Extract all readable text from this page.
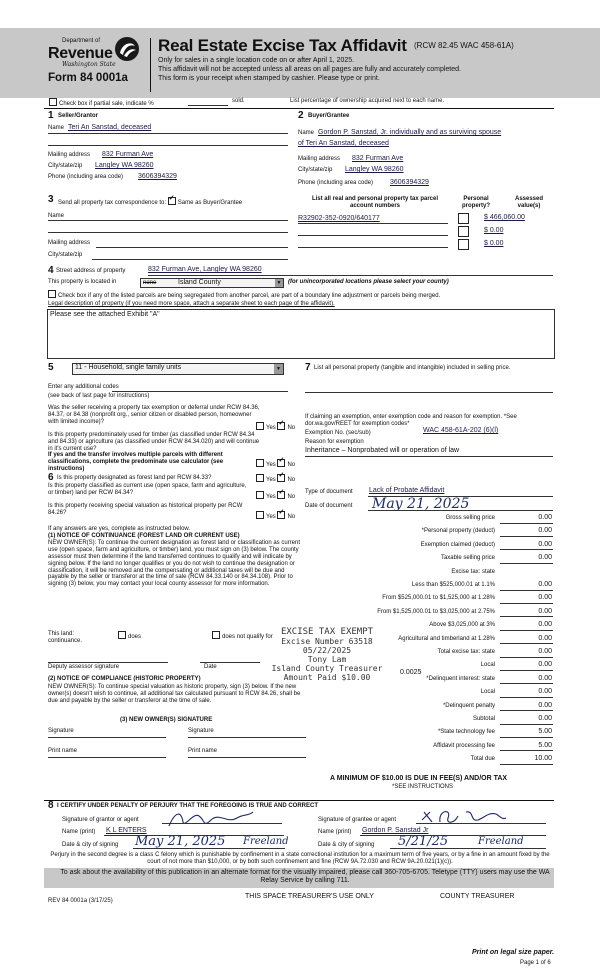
Department of
Revenue
Washington State
Form 84 0001a
Real Estate Excise Tax Affidavit (RCW 82.45 WAC 458-61A)
Only for sales in a single location code on or after April 1, 2025.
This affidavit will not be accepted unless all areas on all pages are fully and accurately completed.
This form is your receipt when stamped by cashier. Please type or print.
Check box if partial sale, indicate %	sold.	List percentage of ownership acquired next to each name.
1 Seller/Grantor
Name Teri An Sanstad, deceased
Mailing address 832 Furman Ave
City/state/zip Langley WA 98260
Phone (including area code) 3606394329
2 Buyer/Grantee
Name Gordon P. Sanstad, Jr. individually and as surviving spouse
of Teri An Sanstad, deceased
Mailing address 832 Furman Ave
City/state/zip Langley WA 98260
Phone (including area code) 3606394329
3 Send all property tax correspondence to: ✓ Same as Buyer/Grantee
Name
Mailing address
City/state/zip
List all real and personal property tax parcel account numbers
Personal property?
Assessed value(s)
R32902-352-0920/640177	$ 466,060.00
$ 0.00
$ 0.00
4 Street address of property	832 Furman Ave, Langley WA 98260
This property is located in	none	Island County	▼ (for unincorporated locations please select your county)
Check box if any of the listed parcels are being segregated from another parcel, are part of a boundary line adjustment or parcels being merged.
Legal description of property (if you need more space, attach a separate sheet to each page of the affidavit).
Please see the attached Exhibit "A"
5	11 - Household, single family units	▼
Enter any additional codes
(see back of last page for instructions)
Was the seller receiving a property tax exemption or deferral under RCW 84.36, 84.37, or 84.38 (nonprofit org., senior citizen or disabled person, homeowner with limited income)?
Yes ✓ No
Is this property predominately used for timber (as classified under RCW 84.34 and 84.33) or agriculture (as classified under RCW 84.34.020) and will continue in it's current use?
If yes and the transfer involves multiple parcels with different classifications, complete the predominate use calculator (see instructions)
Yes ✓ No
6 Is this property designated as forest land per RCW 84.33?	Yes ✓ No
Is this property classified as current use (open space, farm and agriculture, or timber) land per RCW 84.34?
Yes ✓ No
Is this property receiving special valuation as historical property per RCW 84.26?
Yes ✓ No
If any answers are yes, complete as instructed below.
(1) NOTICE OF CONTINUANCE (FOREST LAND OR CURRENT USE)
NEW OWNER(S): To continue the current designation as forest land or classification as current use (open space, farm and agriculture, or timber) land, you must sign on (3) below. The county assessor must then determine if the land transferred continues to qualify and will indicate by signing below. If the land no longer qualifies or you do not wish to continue the designation or classification, it will be removed and the compensating or additional taxes will be due and payable by the seller or transferor at the time of sale (RCW 84.33.140 or 84.34.108). Prior to signing (3) below, you may contact your local county assessor for more information.
This land:
continuance.
does	does not qualify for
Deputy assessor signature	Date
(2) NOTICE OF COMPLIANCE (HISTORIC PROPERTY)
NEW OWNER(S): To continue special valuation as historic property, sign (3) below. If the new owner(s) doesn't wish to continue, all additional tax calculated pursuant to RCW 84.26, shall be due and payable by the seller or transferor at the time of sale.
(3) NEW OWNER(S) SIGNATURE
Signature	Signature
Print name	Print name
7 List all personal property (tangible and intangible) included in selling price.
If claiming an exemption, enter exemption code and reason for exemption. *See dor.wa.gov/REET for exemption codes*
Exemption No. (sec/sub)	WAC 458-61A-202 (6)(l)
Reason for exemption
Inheritance – Nonprobated will or operation of law
Type of document Lack of Probate Affidavit
Date of document May 21, 2025
Gross selling price	0.00
*Personal property (deduct)	0.00
Exemption claimed (deduct)	0.00
Taxable selling price	0.00
Excise tax: state
Less than $525,000.01 at 1.1%	0.00
From $525,000.01 to $1,525,000 at 1.28%	0.00
From $1,525,000.01 to $3,025,000 at 2.75%	0.00
Above $3,025,000 at 3%	0.00
Agricultural and timberland at 1.28%	0.00
Total excise tax: state	0.00
Local	0.00
*Delinquent interest: state	0.00
Local	0.00
*Delinquent penalty	0.00
Subtotal	0.00
*State technology fee	5.00
Affidavit processing fee	5.00
Total due	10.00
0.0025
A MINIMUM OF $10.00 IS DUE IN FEE(S) AND/OR TAX
*SEE INSTRUCTIONS
EXCISE TAX EXEMPT
Excise Number 63518
05/22/2025
Tony Lam
Island County Treasurer
Amount Paid $10.00
8 I CERTIFY UNDER PENALTY OF PERJURY THAT THE FOREGOING IS TRUE AND CORRECT
Signature of grantor or agent
Name (print) K L ENTERS
Date & city of signing May 21, 2025 Freeland
Signature of grantee or agent
Name (print) Gordon P. Sanstad Jr
Date & city of signing 5/21/25	Freeland
Perjury in the second degree is a class C felony which is punishable by confinement in a state correctional institution for a maximum term of five years, or by a fine in an amount fixed by the court of not more than $10,000, or by both such confinement and fine (RCW 9A.72.030 and RCW 9A.20.021(1)(c)).
To ask about the availability of this publication in an alternate format for the visually impaired, please call 360-705-6705. Teletype (TTY) users may use the WA Relay Service by calling 711.
REV 84 0001a (3/17/25)
THIS SPACE TREASURER'S USE ONLY	COUNTY TREASURER
Print on legal size paper.
Page 1 of 6
